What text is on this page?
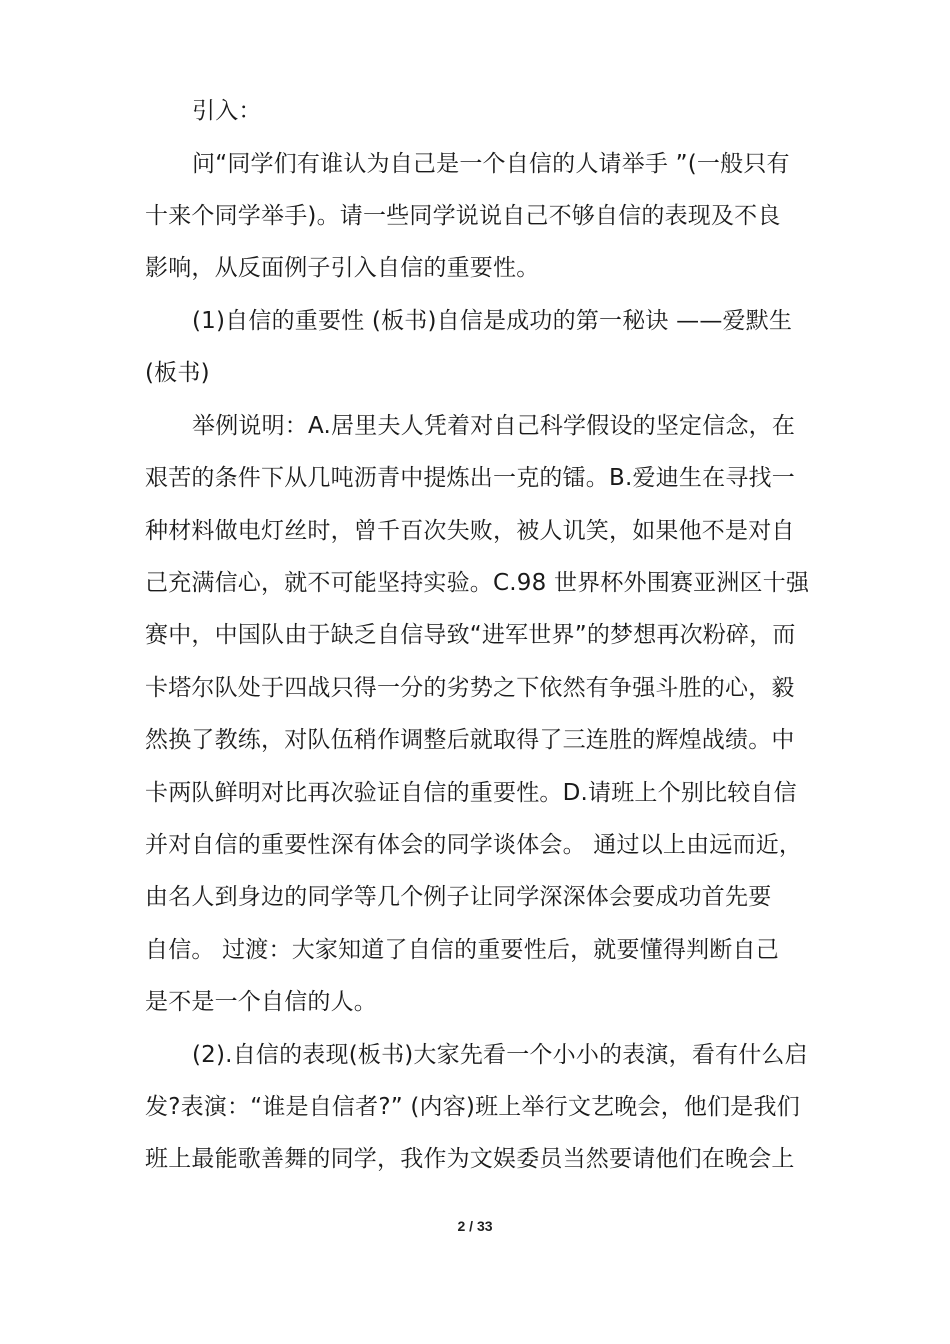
引入：
问“同学们有谁认为自己是一个自信的人请举手 ”(一般只有
十来个同学举手)。请一些同学说说自己不够自信的表现及不良
影响，从反面例子引入自信的重要性。
(1)自信的重要性 (板书)自信是成功的第一秘诀 ——爱默生
(板书)
举例说明：A.居里夫人凭着对自己科学假设的坚定信念，在
艰苦的条件下从几吨沥青中提炼出一克的镭。B.爱迪生在寻找一
种材料做电灯丝时，曾千百次失败，被人讥笑，如果他不是对自
己充满信心，就不可能坚持实验。C.98 世界杯外围赛亚洲区十强
赛中，中国队由于缺乏自信导致“进军世界”的梦想再次粉碎，而
卡塔尔队处于四战只得一分的劣势之下依然有争强斗胜的心，毅
然换了教练，对队伍稍作调整后就取得了三连胜的辉煌战绩。中
卡两队鲜明对比再次验证自信的重要性。D.请班上个别比较自信
并对自信的重要性深有体会的同学谈体会。 通过以上由远而近，
由名人到身边的同学等几个例子让同学深深体会要成功首先要
自信。 过渡：大家知道了自信的重要性后，就要懂得判断自己
是不是一个自信的人。
(2).自信的表现(板书)大家先看一个小小的表演，看有什么启
发?表演：“谁是自信者?” (内容)班上举行文艺晚会，他们是我们
班上最能歌善舞的同学，我作为文娱委员当然要请他们在晚会上
2 / 33
